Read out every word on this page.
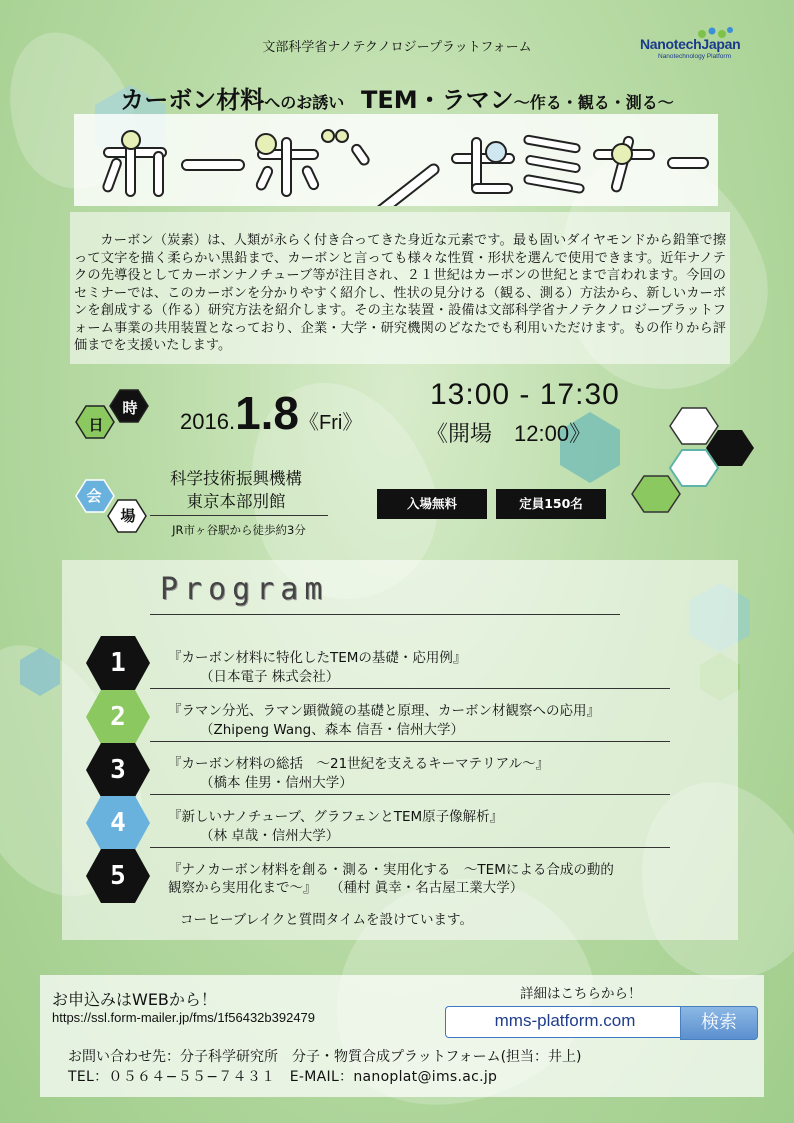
文部科学省ナノテクノロジープラットフォーム	NanotechJapan
Nanotechnology Platform
カーボン材料へのお誘い TEM・ラマン〜作る・観る・測る〜
カーボン（炭素）は、人類が永らく付き合ってきた身近な元素です。最も固いダイヤモンドから鉛筆で擦って文字を描く柔らかい黒鉛まで、カーボンと言っても様々な性質・形状を選んで使用できます。近年ナノテクの先導役としてカーボンナノチューブ等が注目され、２１世紀はカーボンの世紀とまで言われます。今回のセミナーでは、このカーボンを分かりやすく紹介し、性状の見分ける（観る、測る）方法から、新しいカーボンを創成する（作る）研究方法を紹介します。その主な装置・設備は文部科学省ナノテクノロジープラットフォーム事業の共用装置となっており、企業・大学・研究機関のどなたでも利用いただけます。もの作りから評価までを支援いたします。
日
時
2016.1.8《Fri》
13:00 - 17:30
《開場　12:00》
会
場
科学技術振興機構
東京本部別館
JR市ヶ谷駅から徒歩約3分
入場無料	定員150名
Program
1	『カーボン材料に特化したTEMの基礎・応用例』
（日本電子 株式会社）
2	『ラマン分光、ラマン顕微鏡の基礎と原理、カーボン材観察への応用』
（Zhipeng Wang、森本 信吾・信州大学）
3	『カーボン材料の総括　〜21世紀を支えるキーマテリアル〜』
（橋本 佳男・信州大学）
4	『新しいナノチューブ、グラフェンとTEM原子像解析』
（林 卓哉・信州大学）
5	『ナノカーボン材料を創る・測る・実用化する　〜TEMによる合成の動的
観察から実用化まで〜』　　（種村 眞幸・名古屋工業大学）
コーヒーブレイクと質問タイムを設けています。
お申込みはWEBから！
https://ssl.form-mailer.jp/fms/1f56432b392479
詳細はこちらから！
mms-platform.com	検索
お問い合わせ先：分子科学研究所　分子・物質合成プラットフォーム(担当：井上)
TEL：０５６４−５５−７４３１　E-MAIL：nanoplat@ims.ac.jp
